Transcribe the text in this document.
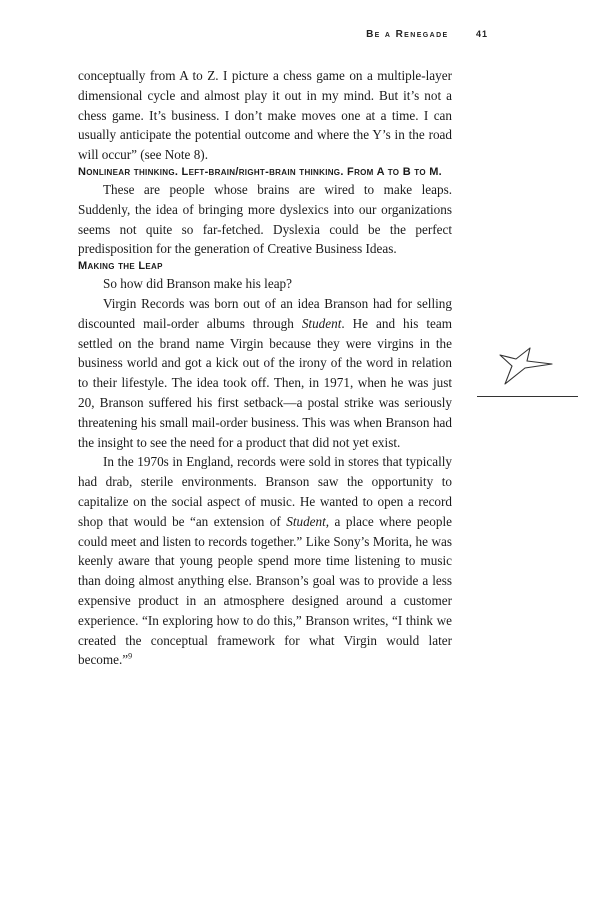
Be a Renegade	41

conceptually from A to Z. I picture a chess game on a multiple-layer dimensional cycle and almost play it out in my mind. But it’s not a chess game. It’s business. I don’t make moves one at a time. I can usually anticipate the potential outcome and where the Y’s in the road will occur” (see Note 8).

Nonlinear thinking. Left-brain/right-brain thinking. From A to B to M.

These are people whose brains are wired to make leaps. Suddenly, the idea of bringing more dyslexics into our organizations seems not quite so far-fetched. Dyslexia could be the perfect predisposition for the generation of Creative Business Ideas.

Making the Leap

So how did Branson make his leap?

Virgin Records was born out of an idea Branson had for selling discounted mail-order albums through Student. He and his team settled on the brand name Virgin because they were virgins in the business world and got a kick out of the irony of the word in relation to their lifestyle. The idea took off. Then, in 1971, when he was just 20, Branson suffered his first setback—a postal strike was seriously threatening his small mail-order business. This was when Branson had the insight to see the need for a product that did not yet exist.

In the 1970s in England, records were sold in stores that typically had drab, sterile environments. Branson saw the opportunity to capitalize on the social aspect of music. He wanted to open a record shop that would be “an extension of Student, a place where people could meet and listen to records together.” Like Sony’s Morita, he was keenly aware that young people spend more time listening to music than doing almost anything else. Branson’s goal was to provide a less expensive product in an atmosphere designed around a customer experience. “In exploring how to do this,” Branson writes, “I think we created the conceptual framework for what Virgin would later become.”$^9$
